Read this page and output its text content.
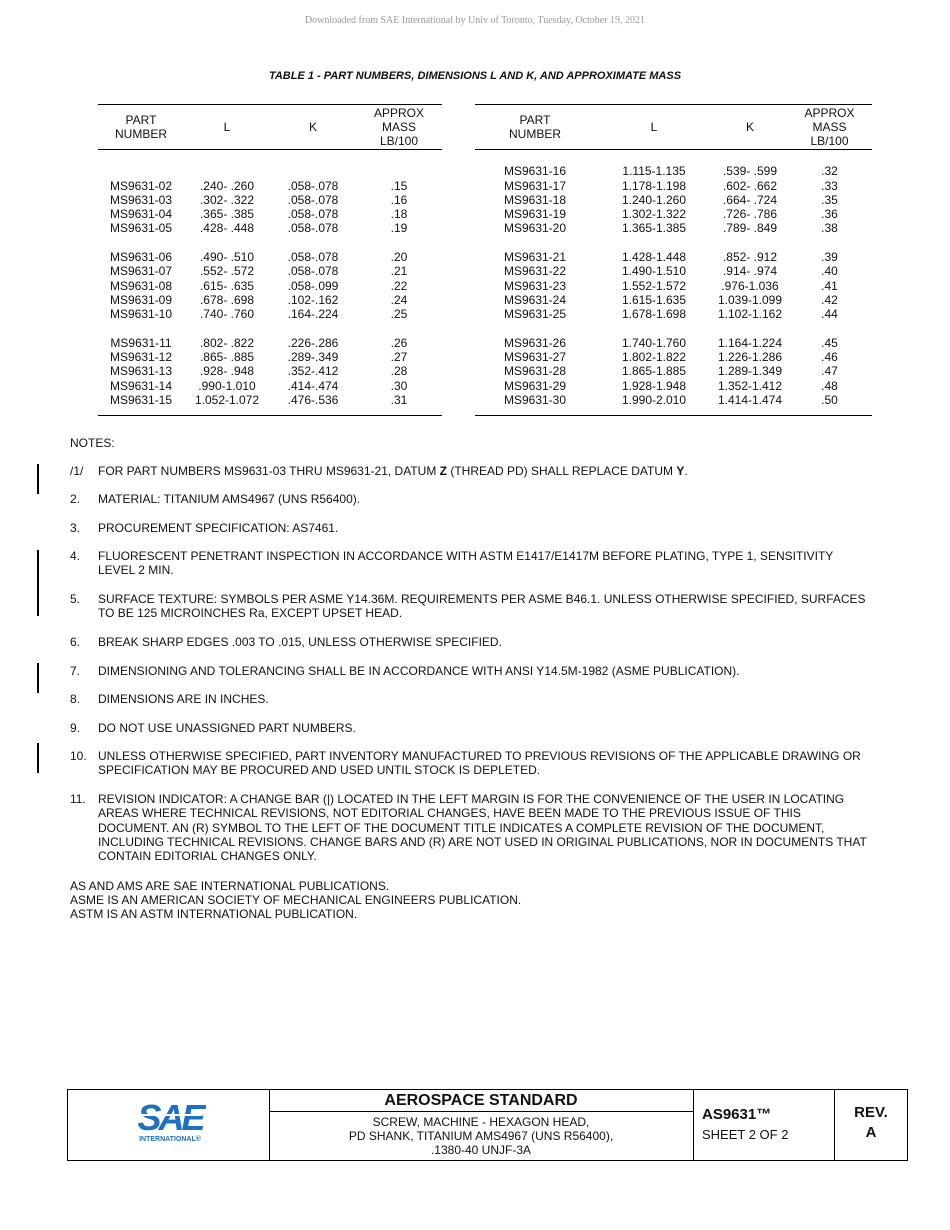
Downloaded from SAE International by Univ of Toronto, Tuesday, October 19, 2021
TABLE 1 - PART NUMBERS, DIMENSIONS L AND K, AND APPROXIMATE MASS
PART
NUMBER	L	K	APPROX
MASS
LB/100

MS9631-02	.240- .260	.058-.078	.15
MS9631-03	.302- .322	.058-.078	.16
MS9631-04	.365- .385	.058-.078	.18
MS9631-05	.428- .448	.058-.078	.19

MS9631-06	.490- .510	.058-.078	.20
MS9631-07	.552- .572	.058-.078	.21
MS9631-08	.615- .635	.058-.099	.22
MS9631-09	.678- .698	.102-.162	.24
MS9631-10	.740- .760	.164-.224	.25

MS9631-11	.802- .822	.226-.286	.26
MS9631-12	.865- .885	.289-.349	.27
MS9631-13	.928- .948	.352-.412	.28
MS9631-14	.990-1.010	.414-.474	.30
MS9631-15	1.052-1.072	.476-.536	.31

PART
NUMBER	L	K	APPROX
MASS
LB/100

MS9631-16	1.115-1.135	.539- .599	.32
MS9631-17	1.178-1.198	.602- .662	.33
MS9631-18	1.240-1.260	.664- .724	.35
MS9631-19	1.302-1.322	.726- .786	.36
MS9631-20	1.365-1.385	.789- .849	.38

MS9631-21	1.428-1.448	.852- .912	.39
MS9631-22	1.490-1.510	.914- .974	.40
MS9631-23	1.552-1.572	.976-1.036	.41
MS9631-24	1.615-1.635	1.039-1.099	.42
MS9631-25	1.678-1.698	1.102-1.162	.44

MS9631-26	1.740-1.760	1.164-1.224	.45
MS9631-27	1.802-1.822	1.226-1.286	.46
MS9631-28	1.865-1.885	1.289-1.349	.47
MS9631-29	1.928-1.948	1.352-1.412	.48
MS9631-30	1.990-2.010	1.414-1.474	.50

NOTES:
/1/ FOR PART NUMBERS MS9631-03 THRU MS9631-21, DATUM Z (THREAD PD) SHALL REPLACE DATUM Y.
2. MATERIAL: TITANIUM AMS4967 (UNS R56400).
3. PROCUREMENT SPECIFICATION: AS7461.
4. FLUORESCENT PENETRANT INSPECTION IN ACCORDANCE WITH ASTM E1417/E1417M BEFORE PLATING, TYPE 1, SENSITIVITY LEVEL 2 MIN.
5. SURFACE TEXTURE: SYMBOLS PER ASME Y14.36M. REQUIREMENTS PER ASME B46.1. UNLESS OTHERWISE SPECIFIED, SURFACES TO BE 125 MICROINCHES Ra, EXCEPT UPSET HEAD.
6. BREAK SHARP EDGES .003 TO .015, UNLESS OTHERWISE SPECIFIED.
7. DIMENSIONING AND TOLERANCING SHALL BE IN ACCORDANCE WITH ANSI Y14.5M-1982 (ASME PUBLICATION).
8. DIMENSIONS ARE IN INCHES.
9. DO NOT USE UNASSIGNED PART NUMBERS.
10. UNLESS OTHERWISE SPECIFIED, PART INVENTORY MANUFACTURED TO PREVIOUS REVISIONS OF THE APPLICABLE DRAWING OR SPECIFICATION MAY BE PROCURED AND USED UNTIL STOCK IS DEPLETED.
11. REVISION INDICATOR: A CHANGE BAR (|) LOCATED IN THE LEFT MARGIN IS FOR THE CONVENIENCE OF THE USER IN LOCATING AREAS WHERE TECHNICAL REVISIONS, NOT EDITORIAL CHANGES, HAVE BEEN MADE TO THE PREVIOUS ISSUE OF THIS DOCUMENT. AN (R) SYMBOL TO THE LEFT OF THE DOCUMENT TITLE INDICATES A COMPLETE REVISION OF THE DOCUMENT, INCLUDING TECHNICAL REVISIONS. CHANGE BARS AND (R) ARE NOT USED IN ORIGINAL PUBLICATIONS, NOR IN DOCUMENTS THAT CONTAIN EDITORIAL CHANGES ONLY.
AS AND AMS ARE SAE INTERNATIONAL PUBLICATIONS.
ASME IS AN AMERICAN SOCIETY OF MECHANICAL ENGINEERS PUBLICATION.
ASTM IS AN ASTM INTERNATIONAL PUBLICATION.
SAE
INTERNATIONAL®
AEROSPACE STANDARD
SCREW, MACHINE - HEXAGON HEAD,
PD SHANK, TITANIUM AMS4967 (UNS R56400),
.1380-40 UNJF-3A
AS9631™
SHEET 2 OF 2
REV.
A
